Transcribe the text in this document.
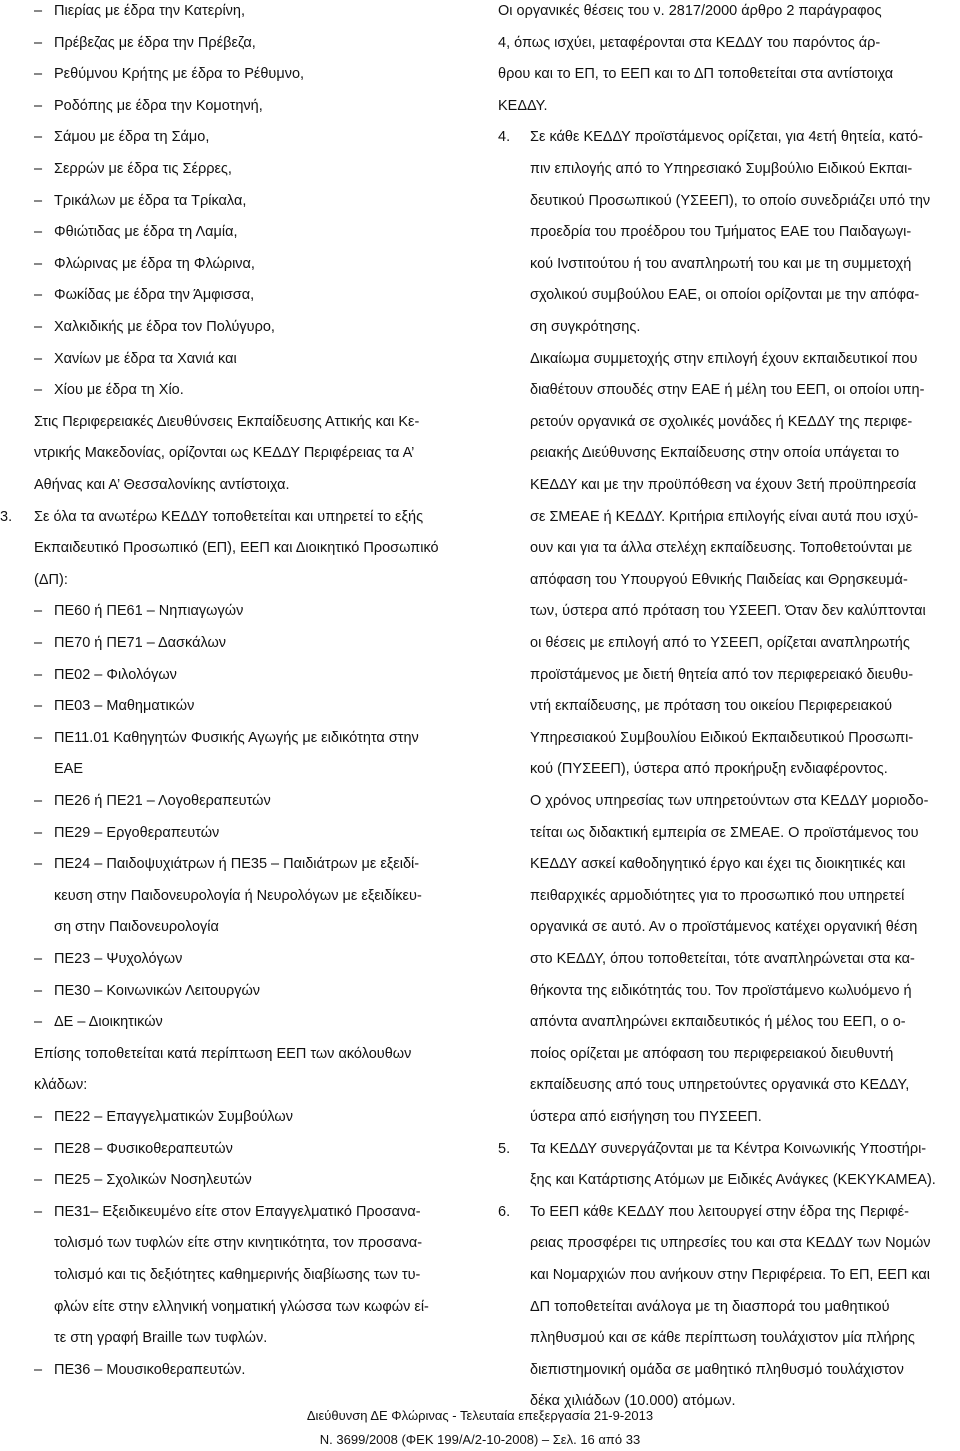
– Πιερίας με έδρα την Κατερίνη,
– Πρέβεζας με έδρα την Πρέβεζα,
– Ρεθύμνου Κρήτης με έδρα το Ρέθυμνο,
– Ροδόπης με έδρα την Κομοτηνή,
– Σάμου με έδρα τη Σάμο,
– Σερρών με έδρα τις Σέρρες,
– Τρικάλων με έδρα τα Τρίκαλα,
– Φθιώτιδας με έδρα τη Λαμία,
– Φλώρινας με έδρα τη Φλώρινα,
– Φωκίδας με έδρα την Άμφισσα,
– Χαλκιδικής με έδρα τον Πολύγυρο,
– Χανίων με έδρα τα Χανιά και
– Χίου με έδρα τη Χίο.
Στις Περιφερειακές Διευθύνσεις Εκπαίδευσης Αττικής και Κε-
ντρικής Μακεδονίας, ορίζονται ως ΚΕΔΔΥ Περιφέρειας τα Α’
Αθήνας και Α’ Θεσσαλονίκης αντίστοιχα.
3. Σε όλα τα ανωτέρω ΚΕΔΔΥ τοποθετείται και υπηρετεί το εξής
Εκπαιδευτικό Προσωπικό (ΕΠ), ΕΕΠ και Διοικητικό Προσωπικό
(ΔΠ):
– ΠΕ60 ή ΠΕ61 – Νηπιαγωγών
– ΠΕ70 ή ΠΕ71 – Δασκάλων
– ΠΕ02 – Φιλολόγων
– ΠΕ03 – Μαθηματικών
– ΠΕ11.01 Καθηγητών Φυσικής Αγωγής με ειδικότητα στην
ΕΑΕ
– ΠΕ26 ή ΠΕ21 – Λογοθεραπευτών
– ΠΕ29 – Εργοθεραπευτών
– ΠΕ24 – Παιδοψυχιάτρων ή ΠΕ35 – Παιδιάτρων με εξειδί-
κευση στην Παιδονευρολογία ή Νευρολόγων με εξειδίκευ-
ση στην Παιδονευρολογία
– ΠΕ23 – Ψυχολόγων
– ΠΕ30 – Κοινωνικών Λειτουργών
– ΔΕ – Διοικητικών
Επίσης τοποθετείται κατά περίπτωση ΕΕΠ των ακόλουθων
κλάδων:
– ΠΕ22 – Επαγγελματικών Συμβούλων
– ΠΕ28 – Φυσικοθεραπευτών
– ΠΕ25 – Σχολικών Νοσηλευτών
– ΠΕ31– Εξειδικευμένο είτε στον Επαγγελματικό Προσανα-
τολισμό των τυφλών είτε στην κινητικότητα, τον προσανα-
τολισμό και τις δεξιότητες καθημερινής διαβίωσης των τυ-
φλών είτε στην ελληνική νοηματική γλώσσα των κωφών εί-
τε στη γραφή Braille των τυφλών.
– ΠΕ36 – Μουσικοθεραπευτών.
Οι οργανικές θέσεις του ν. 2817/2000 άρθρο 2 παράγραφος
4, όπως ισχύει, μεταφέρονται στα ΚΕΔΔΥ του παρόντος άρ-
θρου και το ΕΠ, το ΕΕΠ και το ΔΠ τοποθετείται στα αντίστοιχα
ΚΕΔΔΥ.
4. Σε κάθε ΚΕΔΔΥ προϊστάμενος ορίζεται, για 4ετή θητεία, κατό-
πιν επιλογής από το Υπηρεσιακό Συμβούλιο Ειδικού Εκπαι-
δευτικού Προσωπικού (ΥΣΕΕΠ), το οποίο συνεδριάζει υπό την
προεδρία του προέδρου του Τμήματος ΕΑΕ του Παιδαγωγι-
κού Ινστιτούτου ή του αναπληρωτή του και με τη συμμετοχή
σχολικού συμβούλου ΕΑΕ, οι οποίοι ορίζονται με την απόφα-
ση συγκρότησης.
Δικαίωμα συμμετοχής στην επιλογή έχουν εκπαιδευτικοί που
διαθέτουν σπουδές στην ΕΑΕ ή μέλη του ΕΕΠ, οι οποίοι υπη-
ρετούν οργανικά σε σχολικές μονάδες ή ΚΕΔΔΥ της περιφε-
ρειακής Διεύθυνσης Εκπαίδευσης στην οποία υπάγεται το
ΚΕΔΔΥ και με την προϋπόθεση να έχουν 3ετή προϋπηρεσία
σε ΣΜΕΑΕ ή ΚΕΔΔΥ. Κριτήρια επιλογής είναι αυτά που ισχύ-
ουν και για τα άλλα στελέχη εκπαίδευσης. Τοποθετούνται με
απόφαση του Υπουργού Εθνικής Παιδείας και Θρησκευμά-
των, ύστερα από πρόταση του ΥΣΕΕΠ. Όταν δεν καλύπτονται
οι θέσεις με επιλογή από το ΥΣΕΕΠ, ορίζεται αναπληρωτής
προϊστάμενος με διετή θητεία από τον περιφερειακό διευθυ-
ντή εκπαίδευσης, με πρόταση του οικείου Περιφερειακού
Υπηρεσιακού Συμβουλίου Ειδικού Εκπαιδευτικού Προσωπι-
κού (ΠΥΣΕΕΠ), ύστερα από προκήρυξη ενδιαφέροντος.
Ο χρόνος υπηρεσίας των υπηρετούντων στα ΚΕΔΔΥ μοριοδο-
τείται ως διδακτική εμπειρία σε ΣΜΕΑΕ. Ο προϊστάμενος του
ΚΕΔΔΥ ασκεί καθοδηγητικό έργο και έχει τις διοικητικές και
πειθαρχικές αρμοδιότητες για το προσωπικό που υπηρετεί
οργανικά σε αυτό. Αν ο προϊστάμενος κατέχει οργανική θέση
στο ΚΕΔΔΥ, όπου τοποθετείται, τότε αναπληρώνεται στα κα-
θήκοντα της ειδικότητάς του. Τον προϊστάμενο κωλυόμενο ή
απόντα αναπληρώνει εκπαιδευτικός ή μέλος του ΕΕΠ, ο ο-
ποίος ορίζεται με απόφαση του περιφερειακού διευθυντή
εκπαίδευσης από τους υπηρετούντες οργανικά στο ΚΕΔΔΥ,
ύστερα από εισήγηση του ΠΥΣΕΕΠ.
5. Τα ΚΕΔΔΥ συνεργάζονται με τα Κέντρα Κοινωνικής Υποστήρι-
ξης και Κατάρτισης Ατόμων με Ειδικές Ανάγκες (ΚΕΚΥΚΑΜΕΑ).
6. Το ΕΕΠ κάθε ΚΕΔΔΥ που λειτουργεί στην έδρα της Περιφέ-
ρειας προσφέρει τις υπηρεσίες του και στα ΚΕΔΔΥ των Νομών
και Νομαρχιών που ανήκουν στην Περιφέρεια. Το ΕΠ, ΕΕΠ και
ΔΠ τοποθετείται ανάλογα με τη διασπορά του μαθητικού
πληθυσμού και σε κάθε περίπτωση τουλάχιστον μία πλήρης
διεπιστημονική ομάδα σε μαθητικό πληθυσμό τουλάχιστον
δέκα χιλιάδων (10.000) ατόμων.
Διεύθυνση ΔΕ Φλώρινας - Τελευταία επεξεργασία 21-9-2013
Ν. 3699/2008 (ΦΕΚ 199/Α/2-10-2008) – Σελ. 16 από 33
